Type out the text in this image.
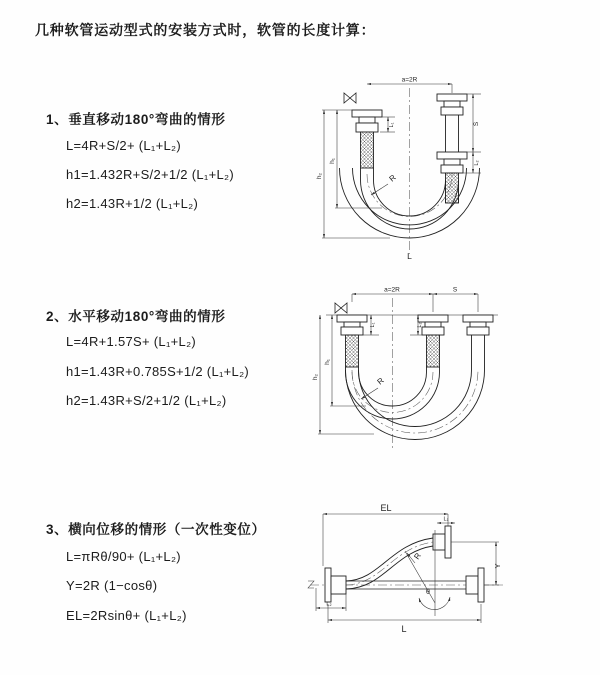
几种软管运动型式的安装方式时，软管的长度计算：
1、垂直移动180°弯曲的情形
L=4R+S/2+ (L₁+L₂)
h1=1.432R+S/2+1/2 (L₁+L₂)
h2=1.43R+1/2 (L₁+L₂)
2、水平移动180°弯曲的情形
L=4R+1.57S+ (L₁+L₂)
h1=1.43R+0.785S+1/2 (L₁+L₂)
h2=1.43R+S/2+1/2 (L₁+L₂)
3、横向位移的情形（一次性变位）
L=πRθ/90+ (L₁+L₂)
Y=2R (1−cosθ)
EL=2Rsinθ+ (L₁+L₂)
a=2R
h₂
h₁
L₁	S
L₂
R
L
a=2R	S
h₂
h₁
L₁	L₂
R
EL
L₁
Y
L
L₂
R
θ
